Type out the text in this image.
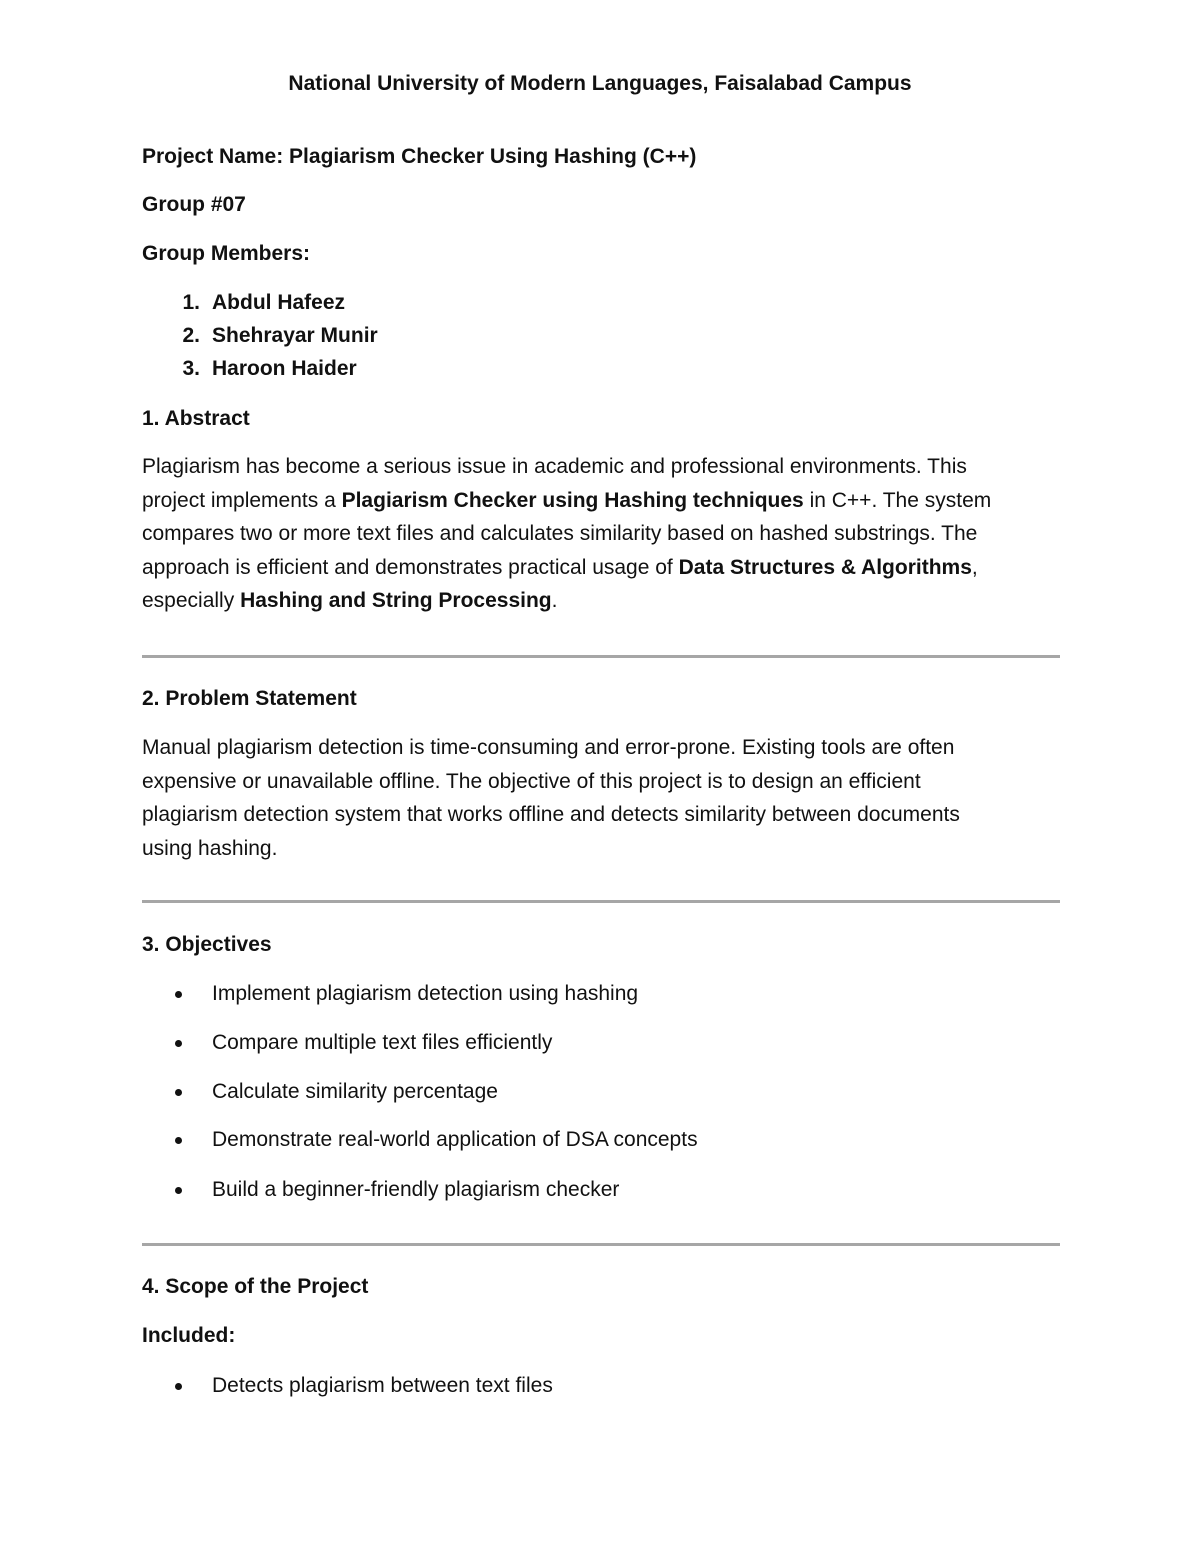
National University of Modern Languages, Faisalabad Campus
Project Name: Plagiarism Checker Using Hashing (C++)
Group #07
Group Members:
1. Abdul Hafeez
2. Shehrayar Munir
3. Haroon Haider
1. Abstract
Plagiarism has become a serious issue in academic and professional environments. This
project implements a Plagiarism Checker using Hashing techniques in C++. The system
compares two or more text files and calculates similarity based on hashed substrings. The
approach is efficient and demonstrates practical usage of Data Structures & Algorithms,
especially Hashing and String Processing.
2. Problem Statement
Manual plagiarism detection is time-consuming and error-prone. Existing tools are often
expensive or unavailable offline. The objective of this project is to design an efficient
plagiarism detection system that works offline and detects similarity between documents
using hashing.
3. Objectives
Implement plagiarism detection using hashing
Compare multiple text files efficiently
Calculate similarity percentage
Demonstrate real-world application of DSA concepts
Build a beginner-friendly plagiarism checker
4. Scope of the Project
Included:
Detects plagiarism between text files
